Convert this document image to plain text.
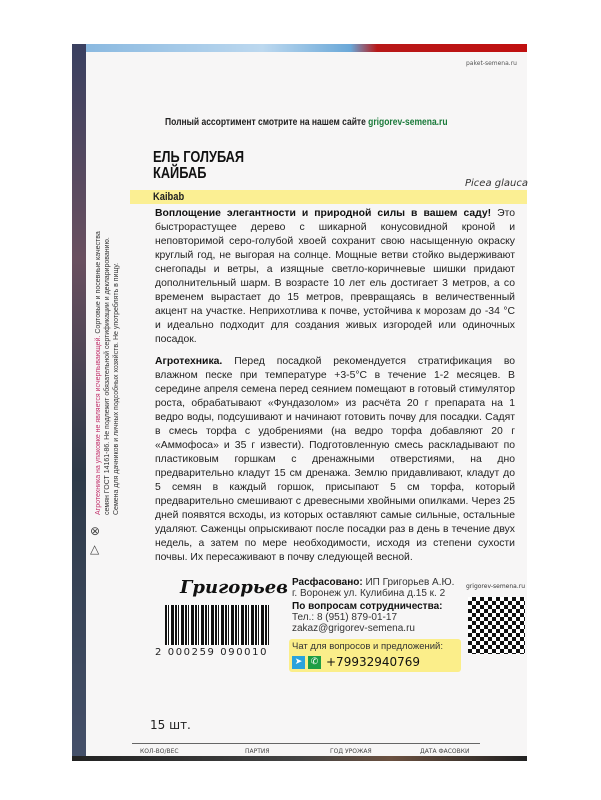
paket-semena.ru
Полный ассортимент смотрите на нашем сайте grigorev-semena.ru
ЕЛЬ ГОЛУБАЯ
КАЙБАБ
Picea glauca
Kaibab
Воплощение элегантности и природной силы в вашем саду! Это быстрорастущее дерево с шикарной конусовидной кроной и неповторимой серо-голубой хвоей сохранит свою насыщенную окраску круглый год, не выгорая на солнце. Мощные ветви стойко выдерживают снегопады и ветры, а изящные светло-коричневые шишки придают дополнительный шарм. В возрасте 10 лет ель достигает 3 метров, а со временем вырастает до 15 метров, превращаясь в величественный акцент на участке. Неприхотлива к почве, устойчива к морозам до -34 °С и идеально подходит для создания живых изгородей или одиночных посадок.
Агротехника. Перед посадкой рекомендуется стратификация во влажном песке при температуре +3-5°С в течение 1-2 месяцев. В середине апреля семена перед сеянием помещают в готовый стимулятор роста, обрабатывают «Фундазолом» из расчёта 20 г препарата на 1 ведро воды, подсушивают и начинают готовить почву для посадки. Садят в смесь торфа с удобрениями (на ведро торфа добавляют 20 г «Аммофоса» и 35 г извести). Подготовленную смесь раскладывают по пластиковым горшкам с дренажными отверстиями, на дно предварительно кладут 15 см дренажа. Землю придавливают, кладут до 5 семян в каждый горшок, присыпают 5 см торфа, который предварительно смешивают с древесными хвойными опилками. Через 25 дней появятся всходы, из которых оставляют самые сильные, остальные удаляют. Саженцы опрыскивают после посадки раз в день в течение двух недель, а затем по мере необходимости, исходя из степени сухости почвы. Их пересаживают в почву следующей весной.
Григорьев
2 000259 090010
Расфасовано: ИП Григорьев А.Ю.
г. Воронеж ул. Кулибина д.15 к. 2
По вопросам сотрудничества:
Тел.: 8 (951) 879-01-17
zakaz@grigorev-semena.ru
Чат для вопросов и предложений:
➤ ✆ +79932940769
grigorev-semena.ru
Агротехника на упаковке не является исчерпывающей. Сортовые и посевные качества семян ГОСТ 14161-86. Не подлежит обязательной сертификации и декларированию. Семена для дачников и личных подсобных хозяйств. Не употреблять в пищу.
⊗
△
15 шт.
КОЛ-ВО/ВЕС	ПАРТИЯ	ГОД УРОЖАЯ	ДАТА ФАСОВКИ
